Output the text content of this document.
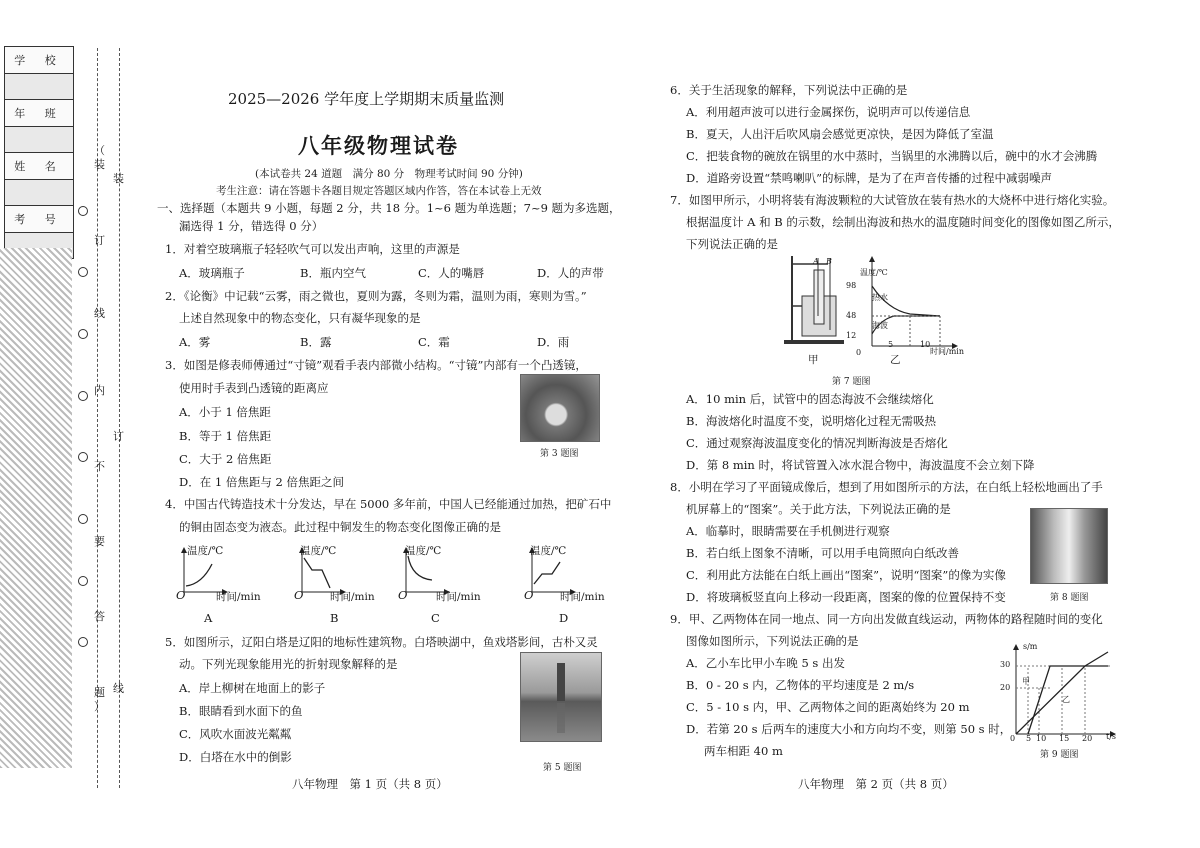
学 校
年 班
姓 名
考 号
（
装
订
线
内
不
要
答
题
）
装
订
线
2025—2026 学年度上学期期末质量监测
八年级物理试卷
(本试卷共 24 道题　满分 80 分　物理考试时间 90 分钟)
考生注意：请在答题卡各题目规定答题区域内作答，答在本试卷上无效
一、选择题（本题共 9 小题，每题 2 分，共 18 分。1~6 题为单选题；7~9 题为多选题，
漏选得 1 分，错选得 0 分）
1．对着空玻璃瓶子轻轻吹气可以发出声响，这里的声源是
A．玻璃瓶子	B．瓶内空气	C．人的嘴唇	D．人的声带
2．《论衡》中记载“云雾，雨之微也，夏则为露，冬则为霜，温则为雨，寒则为雪。”
上述自然现象中的物态变化，只有凝华现象的是
A．雾	B．露	C．霜	D．雨
3．如图是修表师傅通过“寸镜”观看手表内部微小结构。“寸镜”内部有一个凸透镜，
使用时手表到凸透镜的距离应
A．小于 1 倍焦距
B．等于 1 倍焦距
C．大于 2 倍焦距
D．在 1 倍焦距与 2 倍焦距之间
第 3 题图
4．中国古代铸造技术十分发达，早在 5000 多年前，中国人已经能通过加热，把矿石中
的铜由固态变为液态。此过程中铜发生的物态变化图像正确的是
温度/℃	温度/℃	温度/℃	温度/℃
O	O	O	O
时间/min	时间/min	时间/min	时间/min
A	B	C	D
5．如图所示，辽阳白塔是辽阳的地标性建筑物。白塔映湖中，鱼戏塔影间，古朴又灵
动。下列光现象能用光的折射现象解释的是
A．岸上柳树在地面上的影子
B．眼睛看到水面下的鱼
C．风吹水面波光粼粼
D．白塔在水中的倒影
第 5 题图
八年物理　第 1 页（共 8 页）
6．关于生活现象的解释，下列说法中正确的是
A．利用超声波可以进行金属探伤，说明声可以传递信息
B．夏天，人出汗后吹风扇会感觉更凉快，是因为降低了室温
C．把装食物的碗放在锅里的水中蒸时，当锅里的水沸腾以后，碗中的水才会沸腾
D．道路旁设置“禁鸣喇叭”的标牌，是为了在声音传播的过程中减弱噪声
7．如图甲所示，小明将装有海波颗粒的大试管放在装有热水的大烧杯中进行熔化实验。
根据温度计 A 和 B 的示数，绘制出海波和热水的温度随时间变化的图像如图乙所示，
下列说法正确的是
A B
温度/℃
98
48
12
0
5	10
时间/min
热水
海波
甲	乙
第 7 题图
A．10 min 后，试管中的固态海波不会继续熔化
B．海波熔化时温度不变，说明熔化过程无需吸热
C．通过观察海波温度变化的情况判断海波是否熔化
D．第 8 min 时，将试管置入冰水混合物中，海波温度不会立刻下降
8．小明在学习了平面镜成像后，想到了用如图所示的方法，在白纸上轻松地画出了手
机屏幕上的“图案”。关于此方法，下列说法正确的是
A．临摹时，眼睛需要在手机侧进行观察
B．若白纸上图象不清晰，可以用手电筒照向白纸改善
C．利用此方法能在白纸上画出“图案”，说明“图案”的像为实像
D．将玻璃板竖直向上移动一段距离，图案的像的位置保持不变	第 8 题图
9．甲、乙两物体在同一地点、同一方向出发做直线运动，两物体的路程随时间的变化
图像如图所示，下列说法正确的是
A．乙小车比甲小车晚 5 s 出发
B．0 - 20 s 内，乙物体的平均速度是 2 m/s
C．5 - 10 s 内，甲、乙两物体之间的距离始终为 20 m
D．若第 20 s 后两车的速度大小和方向均不变，则第 50 s 时，
两车相距 40 m
s/m
30
20
0 5 10 15 20 t/s
甲
乙
第 9 题图
八年物理　第 2 页（共 8 页）
